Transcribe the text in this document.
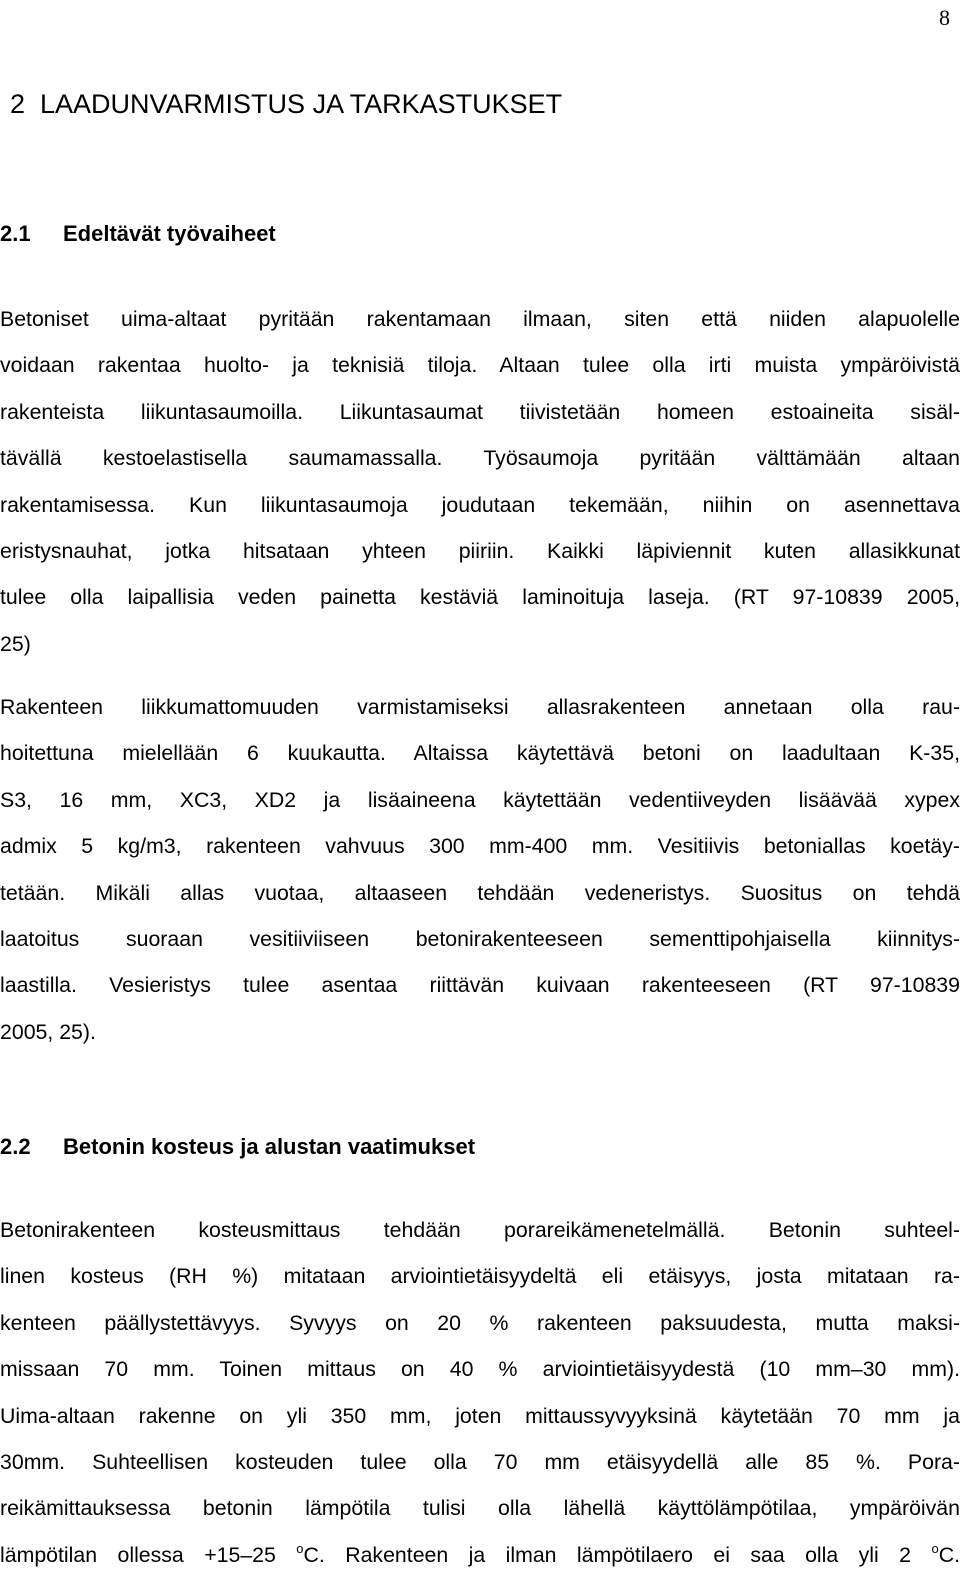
8
2  LAADUNVARMISTUS JA TARKASTUKSET
2.1 Edeltävät työvaiheet
Betoniset uima-altaat pyritään rakentamaan ilmaan, siten että niiden alapuolelle
voidaan rakentaa huolto- ja teknisiä tiloja. Altaan tulee olla irti muista ympäröivistä
rakenteista liikuntasaumoilla. Liikuntasaumat tiivistetään homeen estoaineita sisäl-
tävällä kestoelastisella saumamassalla. Työsaumoja pyritään välttämään altaan
rakentamisessa. Kun liikuntasaumoja joudutaan tekemään, niihin on asennettava
eristysnauhat, jotka hitsataan yhteen piiriin. Kaikki läpiviennit kuten allasikkunat
tulee olla laipallisia veden painetta kestäviä laminoituja laseja. (RT 97-10839 2005,
25)
Rakenteen liikkumattomuuden varmistamiseksi allasrakenteen annetaan olla rau-
hoitettuna mielellään 6 kuukautta. Altaissa käytettävä betoni on laadultaan K-35,
S3, 16 mm, XC3, XD2 ja lisäaineena käytettään vedentiiveyden lisäävää xypex
admix 5 kg/m3, rakenteen vahvuus 300 mm-400 mm. Vesitiivis betoniallas koetäy-
tetään. Mikäli allas vuotaa, altaaseen tehdään vedeneristys. Suositus on tehdä
laatoitus suoraan vesitiiviiseen betonirakenteeseen sementtipohjaisella kiinnitys-
laastilla. Vesieristys tulee asentaa riittävän kuivaan rakenteeseen (RT 97-10839
2005, 25).
2.2 Betonin kosteus ja alustan vaatimukset
Betonirakenteen kosteusmittaus tehdään porareikämenetelmällä. Betonin suhteel-
linen kosteus (RH %) mitataan arviointietäisyydeltä eli etäisyys, josta mitataan ra-
kenteen päällystettävyys. Syvyys on 20 % rakenteen paksuudesta, mutta maksi-
missaan 70 mm. Toinen mittaus on 40 % arviointietäisyydestä (10 mm–30 mm).
Uima-altaan rakenne on yli 350 mm, joten mittaussyvyyksinä käytetään 70 mm ja
30mm. Suhteellisen kosteuden tulee olla 70 mm etäisyydellä alle 85 %. Pora-
reikämittauksessa betonin lämpötila tulisi olla lähellä käyttölämpötilaa, ympäröivän
lämpötilan ollessa +15–25 $^o$C. Rakenteen ja ilman lämpötilaero ei saa olla yli 2 $^o$C.
